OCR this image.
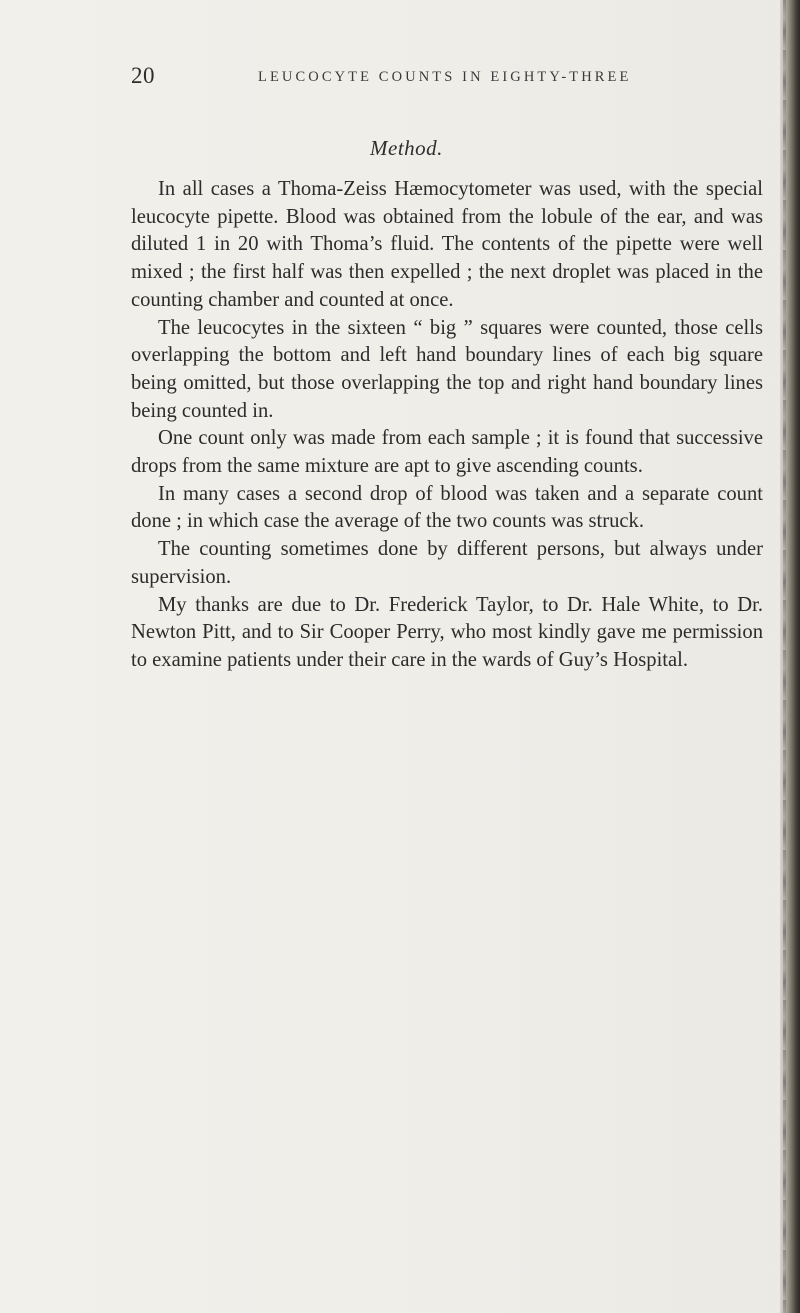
20	LEUCOCYTE COUNTS IN EIGHTY-THREE
Method.

In all cases a Thoma-Zeiss Hæmocytometer was used, with the special leucocyte pipette. Blood was obtained from the lobule of the ear, and was diluted 1 in 20 with Thoma’s fluid. The contents of the pipette were well mixed ; the first half was then expelled ; the next droplet was placed in the counting chamber and counted at once.

The leucocytes in the sixteen “ big ” squares were counted, those cells overlapping the bottom and left hand boundary lines of each big square being omitted, but those overlapping the top and right hand boundary lines being counted in.

One count only was made from each sample ; it is found that successive drops from the same mixture are apt to give ascending counts.

In many cases a second drop of blood was taken and a separate count done ; in which case the average of the two counts was struck.

The counting sometimes done by different persons, but always under supervision.

My thanks are due to Dr. Frederick Taylor, to Dr. Hale White, to Dr. Newton Pitt, and to Sir Cooper Perry, who most kindly gave me permission to examine patients under their care in the wards of Guy’s Hospital.
